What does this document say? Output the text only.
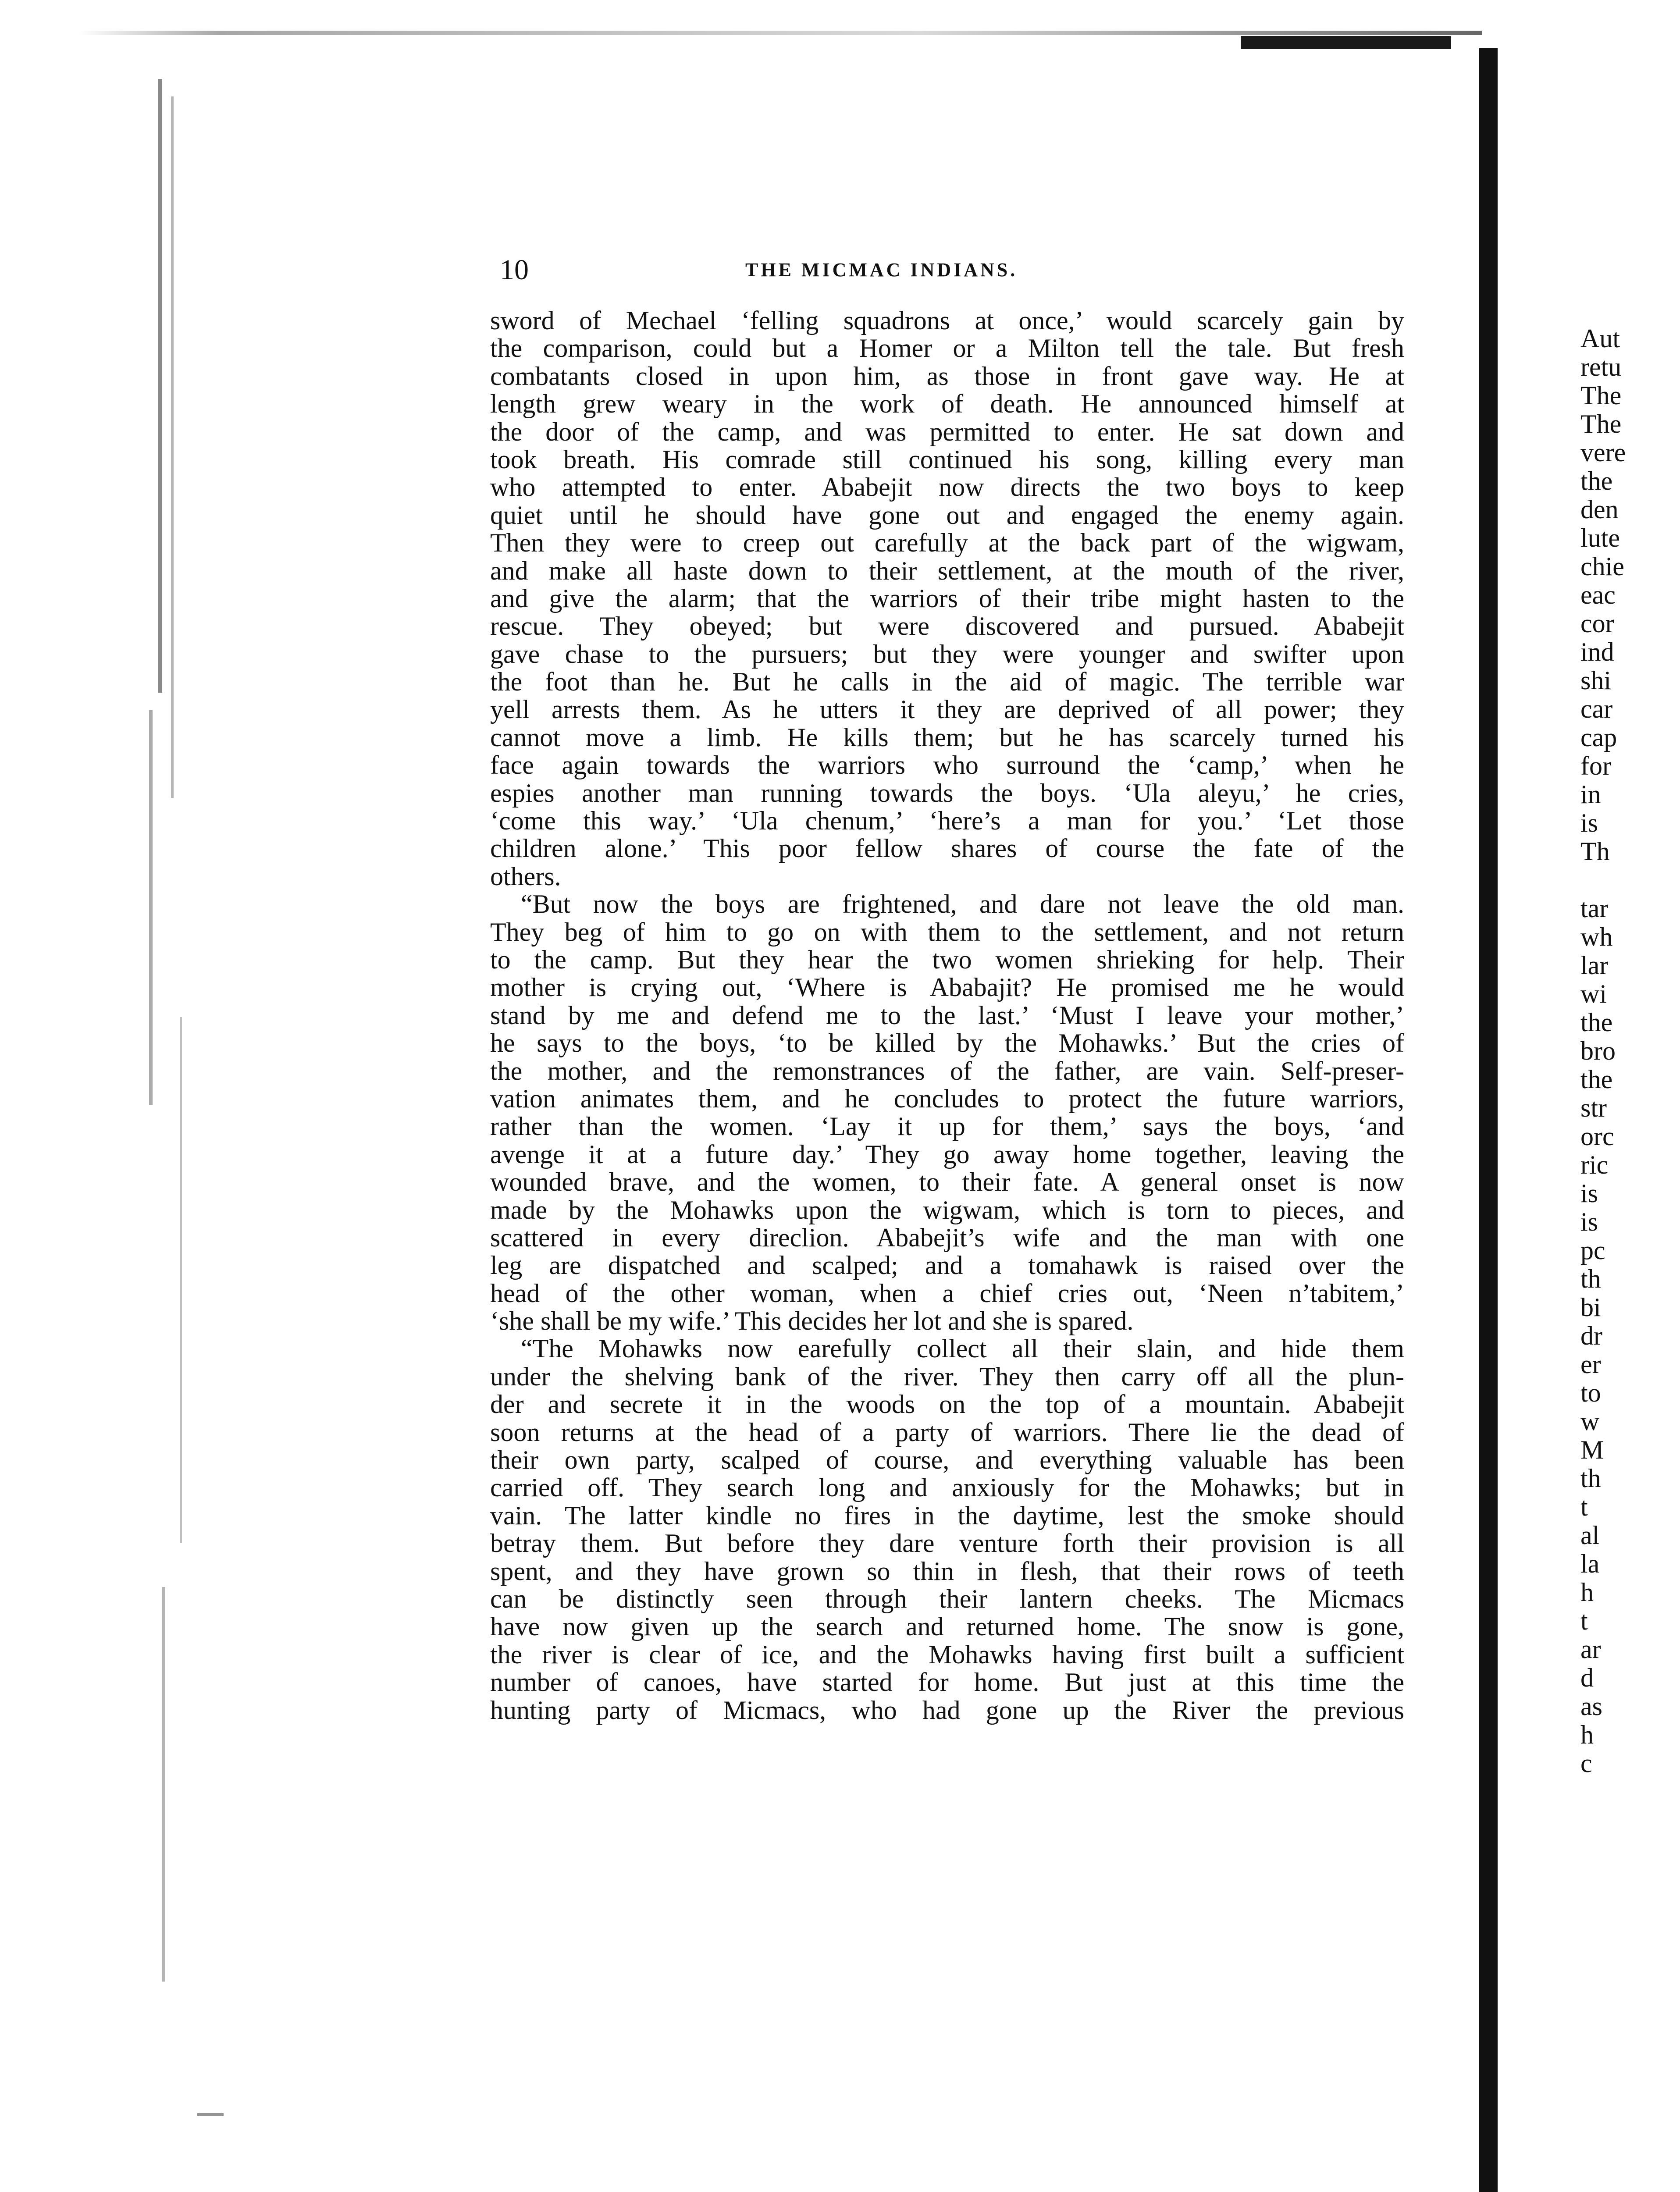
10	THE MICMAC INDIANS.
sword of Mechael ‘felling squadrons at once,’ would scarcely gain by
the comparison, could but a Homer or a Milton tell the tale. But fresh
combatants closed in upon him, as those in front gave way. He at
length grew weary in the work of death. He announced himself at
the door of the camp, and was permitted to enter. He sat down and
took breath. His comrade still continued his song, killing every man
who attempted to enter. Ababejit now directs the two boys to keep
quiet until he should have gone out and engaged the enemy again.
Then they were to creep out carefully at the back part of the wigwam,
and make all haste down to their settlement, at the mouth of the river,
and give the alarm; that the warriors of their tribe might hasten to the
rescue. They obeyed; but were discovered and pursued. Ababejit
gave chase to the pursuers; but they were younger and swifter upon
the foot than he. But he calls in the aid of magic. The terrible war
yell arrests them. As he utters it they are deprived of all power; they
cannot move a limb. He kills them; but he has scarcely turned his
face again towards the warriors who surround the ‘camp,’ when he
espies another man running towards the boys. ‘Ula aleyu,’ he cries,
‘come this way.’ ‘Ula chenum,’ ‘here’s a man for you.’ ‘Let those
children alone.’ This poor fellow shares of course the fate of the
others.
“But now the boys are frightened, and dare not leave the old man.
They beg of him to go on with them to the settlement, and not return
to the camp. But they hear the two women shrieking for help. Their
mother is crying out, ‘Where is Ababajit? He promised me he would
stand by me and defend me to the last.’ ‘Must I leave your mother,’
he says to the boys, ‘to be killed by the Mohawks.’ But the cries of
the mother, and the remonstrances of the father, are vain. Self-preser-
vation animates them, and he concludes to protect the future warriors,
rather than the women. ‘Lay it up for them,’ says the boys, ‘and
avenge it at a future day.’ They go away home together, leaving the
wounded brave, and the women, to their fate. A general onset is now
made by the Mohawks upon the wigwam, which is torn to pieces, and
scattered in every direclion. Ababejit’s wife and the man with one
leg are dispatched and scalped; and a tomahawk is raised over the
head of the other woman, when a chief cries out, ‘Neen n’tabitem,’
‘she shall be my wife.’ This decides her lot and she is spared.
“The Mohawks now earefully collect all their slain, and hide them
under the shelving bank of the river. They then carry off all the plun-
der and secrete it in the woods on the top of a mountain. Ababejit
soon returns at the head of a party of warriors. There lie the dead of
their own party, scalped of course, and everything valuable has been
carried off. They search long and anxiously for the Mohawks; but in
vain. The latter kindle no fires in the daytime, lest the smoke should
betray them. But before they dare venture forth their provision is all
spent, and they have grown so thin in flesh, that their rows of teeth
can be distinctly seen through their lantern cheeks. The Micmacs
have now given up the search and returned home. The snow is gone,
the river is clear of ice, and the Mohawks having first built a sufficient
number of canoes, have started for home. But just at this time the
hunting party of Micmacs, who had gone up the River the previous
Aut
retu
The
The
vere
the
den
lute
chie
eac
cor
ind
shi
car
cap
for
in
is
Th
tar
wh
lar
wi
the
bro
the
str
orc
ric
is
is
pc
th
bi
dr
er
to
w
M
th
t
al
la
h
t
ar
d
as
h
c
